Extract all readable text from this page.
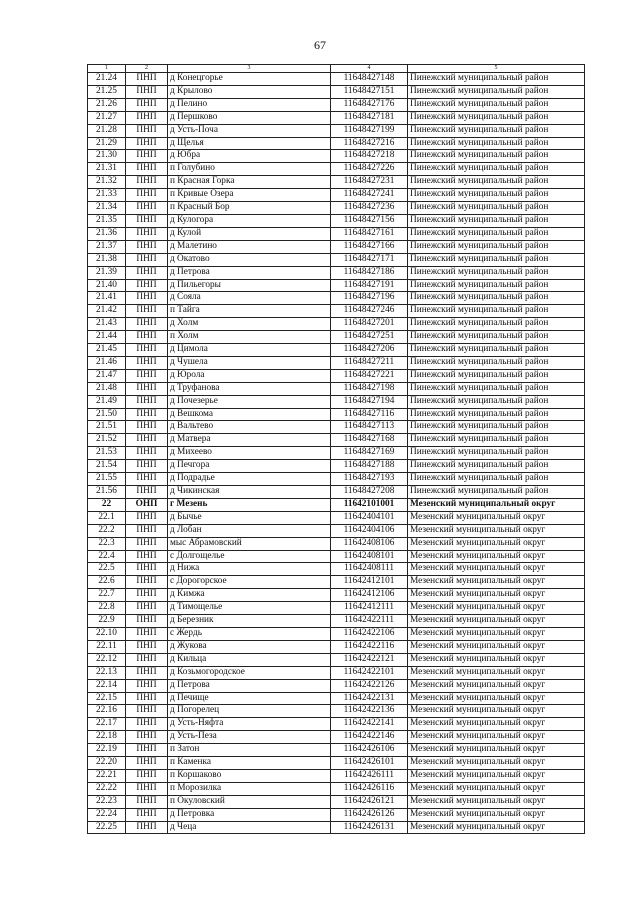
67
1	2	3	4	5
21.24	ПНП	д Конецгорье	11648427148	Пинежский муниципальный район
21.25	ПНП	д Крылово	11648427151	Пинежский муниципальный район
21.26	ПНП	д Пелино	11648427176	Пинежский муниципальный район
21.27	ПНП	д Першково	11648427181	Пинежский муниципальный район
21.28	ПНП	д Усть-Поча	11648427199	Пинежский муниципальный район
21.29	ПНП	д Щелья	11648427216	Пинежский муниципальный район
21.30	ПНП	д Юбра	11648427218	Пинежский муниципальный район
21.31	ПНП	п Голубино	11648427226	Пинежский муниципальный район
21.32	ПНП	п Красная Горка	11648427231	Пинежский муниципальный район
21.33	ПНП	п Кривые Озера	11648427241	Пинежский муниципальный район
21.34	ПНП	п Красный Бор	11648427236	Пинежский муниципальный район
21.35	ПНП	д Кулогора	11648427156	Пинежский муниципальный район
21.36	ПНП	д Кулой	11648427161	Пинежский муниципальный район
21.37	ПНП	д Малетино	11648427166	Пинежский муниципальный район
21.38	ПНП	д Окатово	11648427171	Пинежский муниципальный район
21.39	ПНП	д Петрова	11648427186	Пинежский муниципальный район
21.40	ПНП	д Пильегоры	11648427191	Пинежский муниципальный район
21.41	ПНП	д Сояла	11648427196	Пинежский муниципальный район
21.42	ПНП	п Тайга	11648427246	Пинежский муниципальный район
21.43	ПНП	д Холм	11648427201	Пинежский муниципальный район
21.44	ПНП	п Холм	11648427251	Пинежский муниципальный район
21.45	ПНП	д Цимола	11648427206	Пинежский муниципальный район
21.46	ПНП	д Чушела	11648427211	Пинежский муниципальный район
21.47	ПНП	д Юрола	11648427221	Пинежский муниципальный район
21.48	ПНП	д Труфанова	11648427198	Пинежский муниципальный район
21.49	ПНП	д Почезерье	11648427194	Пинежский муниципальный район
21.50	ПНП	д Вешкома	11648427116	Пинежский муниципальный район
21.51	ПНП	д Вальтево	11648427113	Пинежский муниципальный район
21.52	ПНП	д Матвера	11648427168	Пинежский муниципальный район
21.53	ПНП	д Михеево	11648427169	Пинежский муниципальный район
21.54	ПНП	д Печгора	11648427188	Пинежский муниципальный район
21.55	ПНП	д Подрадье	11648427193	Пинежский муниципальный район
21.56	ПНП	д Чикинская	11648427208	Пинежский муниципальный район
22	ОНП	г Мезень	11642101001	Мезенский муниципальный округ
22.1	ПНП	д Бычье	11642404101	Мезенский муниципальный округ
22.2	ПНП	д Лобан	11642404106	Мезенский муниципальный округ
22.3	ПНП	мыс Абрамовский	11642408106	Мезенский муниципальный округ
22.4	ПНП	с Долгощелье	11642408101	Мезенский муниципальный округ
22.5	ПНП	д Нижа	11642408111	Мезенский муниципальный округ
22.6	ПНП	с Дорогорское	11642412101	Мезенский муниципальный округ
22.7	ПНП	д Кимжа	11642412106	Мезенский муниципальный округ
22.8	ПНП	д Тимощелье	11642412111	Мезенский муниципальный округ
22.9	ПНП	д Березник	11642422111	Мезенский муниципальный округ
22.10	ПНП	с Жердь	11642422106	Мезенский муниципальный округ
22.11	ПНП	д Жукова	11642422116	Мезенский муниципальный округ
22.12	ПНП	д Кильца	11642422121	Мезенский муниципальный округ
22.13	ПНП	д Козьмогородское	11642422101	Мезенский муниципальный округ
22.14	ПНП	д Петрова	11642422126	Мезенский муниципальный округ
22.15	ПНП	д Печище	11642422131	Мезенский муниципальный округ
22.16	ПНП	д Погорелец	11642422136	Мезенский муниципальный округ
22.17	ПНП	д Усть-Няфта	11642422141	Мезенский муниципальный округ
22.18	ПНП	д Усть-Пеза	11642422146	Мезенский муниципальный округ
22.19	ПНП	п Затон	11642426106	Мезенский муниципальный округ
22.20	ПНП	п Каменка	11642426101	Мезенский муниципальный округ
22.21	ПНП	п Коршаково	11642426111	Мезенский муниципальный округ
22.22	ПНП	п Морозилка	11642426116	Мезенский муниципальный округ
22.23	ПНП	п Окуловский	11642426121	Мезенский муниципальный округ
22.24	ПНП	д Петровка	11642426126	Мезенский муниципальный округ
22.25	ПНП	д Чеца	11642426131	Мезенский муниципальный округ
